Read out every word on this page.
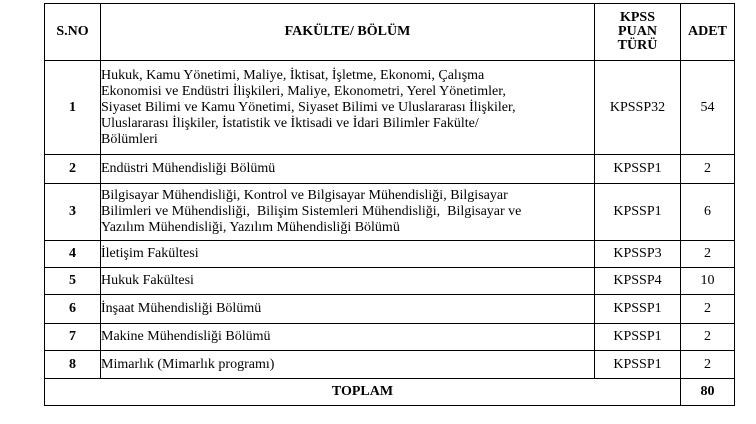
S.NO	FAKÜLTE/ BÖLÜM	KPSS
PUAN
TÜRÜ	ADET
1	Hukuk, Kamu Yönetimi, Maliye, İktisat, İşletme, Ekonomi, Çalışma
Ekonomisi ve Endüstri İlişkileri, Maliye, Ekonometri, Yerel Yönetimler,
Siyaset Bilimi ve Kamu Yönetimi, Siyaset Bilimi ve Uluslararası İlişkiler,
Uluslararası İlişkiler, İstatistik ve İktisadi ve İdari Bilimler Fakülte/
Bölümleri	KPSSP32	54
2	Endüstri Mühendisliği Bölümü	KPSSP1	2
3	Bilgisayar Mühendisliği, Kontrol ve Bilgisayar Mühendisliği, Bilgisayar
Bilimleri ve Mühendisliği,  Bilişim Sistemleri Mühendisliği,  Bilgisayar ve
Yazılım Mühendisliği, Yazılım Mühendisliği Bölümü	KPSSP1	6
4	İletişim Fakültesi	KPSSP3	2
5	Hukuk Fakültesi	KPSSP4	10
6	İnşaat Mühendisliği Bölümü	KPSSP1	2
7	Makine Mühendisliği Bölümü	KPSSP1	2
8	Mimarlık (Mimarlık programı)	KPSSP1	2
TOPLAM			80
